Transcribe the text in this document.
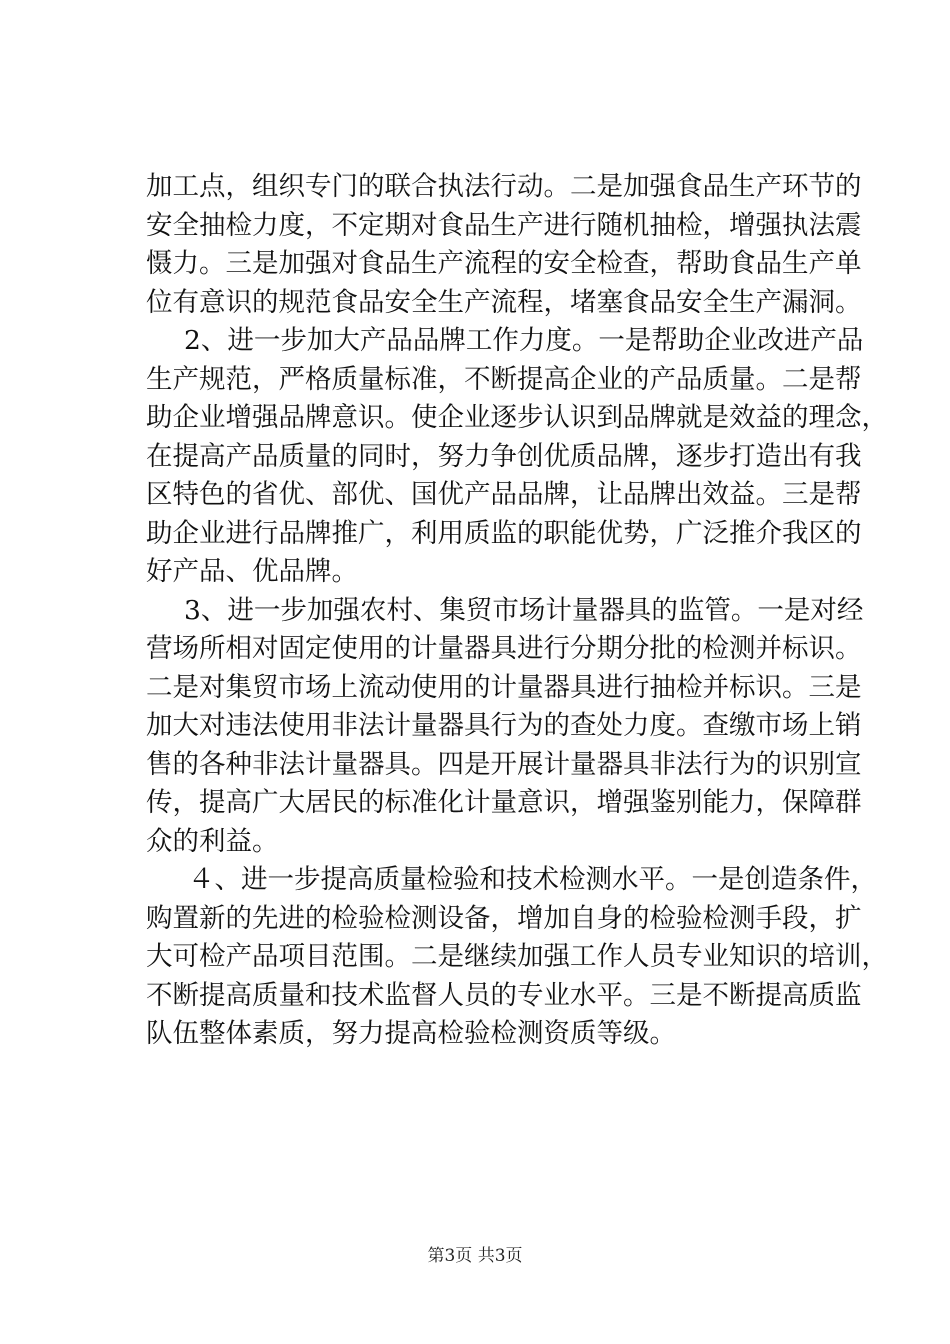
加工点，组织专门的联合执法行动。二是加强食品生产环节的
安全抽检力度，不定期对食品生产进行随机抽检，增强执法震
慑力。三是加强对食品生产流程的安全检查，帮助食品生产单
位有意识的规范食品安全生产流程，堵塞食品安全生产漏洞。
2、进一步加大产品品牌工作力度。一是帮助企业改进产品
生产规范，严格质量标准，不断提高企业的产品质量。二是帮
助企业增强品牌意识。使企业逐步认识到品牌就是效益的理念，
在提高产品质量的同时，努力争创优质品牌，逐步打造出有我
区特色的省优、部优、国优产品品牌，让品牌出效益。三是帮
助企业进行品牌推广，利用质监的职能优势，广泛推介我区的
好产品、优品牌。
3、进一步加强农村、集贸市场计量器具的监管。一是对经
营场所相对固定使用的计量器具进行分期分批的检测并标识。
二是对集贸市场上流动使用的计量器具进行抽检并标识。三是
加大对违法使用非法计量器具行为的查处力度。查缴市场上销
售的各种非法计量器具。四是开展计量器具非法行为的识别宣
传，提高广大居民的标准化计量意识，增强鉴别能力，保障群
众的利益。
４、进一步提高质量检验和技术检测水平。一是创造条件，
购置新的先进的检验检测设备，增加自身的检验检测手段，扩
大可检产品项目范围。二是继续加强工作人员专业知识的培训，
不断提高质量和技术监督人员的专业水平。三是不断提高质监
队伍整体素质，努力提高检验检测资质等级。
第3页 共3页
